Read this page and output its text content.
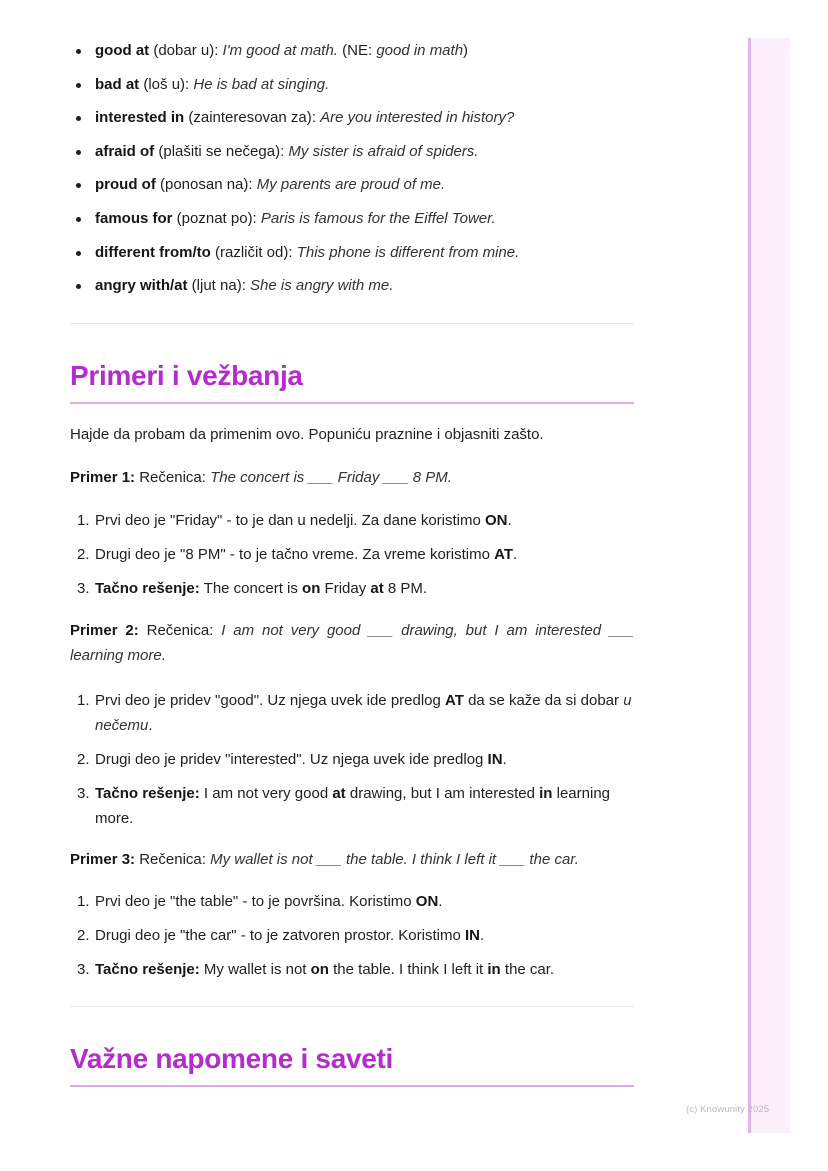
(c) Knowunity 2025
good at (dobar u): I'm good at math. (NE: good in math)
bad at (loš u): He is bad at singing.
interested in (zainteresovan za): Are you interested in history?
afraid of (plašiti se nečega): My sister is afraid of spiders.
proud of (ponosan na): My parents are proud of me.
famous for (poznat po): Paris is famous for the Eiffel Tower.
different from/to (različit od): This phone is different from mine.
angry with/at (ljut na): She is angry with me.
Primeri i vežbanja

Hajde da probam da primenim ovo. Popuniću praznine i objasniti zašto.

Primer 1: Rečenica: The concert is ___ Friday ___ 8 PM.

1. Prvi deo je "Friday" - to je dan u nedelji. Za dane koristimo ON.
2. Drugi deo je "8 PM" - to je tačno vreme. Za vreme koristimo AT.
3. Tačno rešenje: The concert is on Friday at 8 PM.

Primer 2: Rečenica: I am not very good ___ drawing, but I am interested ___ learning more.

1. Prvi deo je pridev "good". Uz njega uvek ide predlog AT da se kaže da si dobar u nečemu.
2. Drugi deo je pridev "interested". Uz njega uvek ide predlog IN.
3. Tačno rešenje: I am not very good at drawing, but I am interested in learning more.

Primer 3: Rečenica: My wallet is not ___ the table. I think I left it ___ the car.

1. Prvi deo je "the table" - to je površina. Koristimo ON.
2. Drugi deo je "the car" - to je zatvoren prostor. Koristimo IN.
3. Tačno rešenje: My wallet is not on the table. I think I left it in the car.
Važne napomene i saveti
